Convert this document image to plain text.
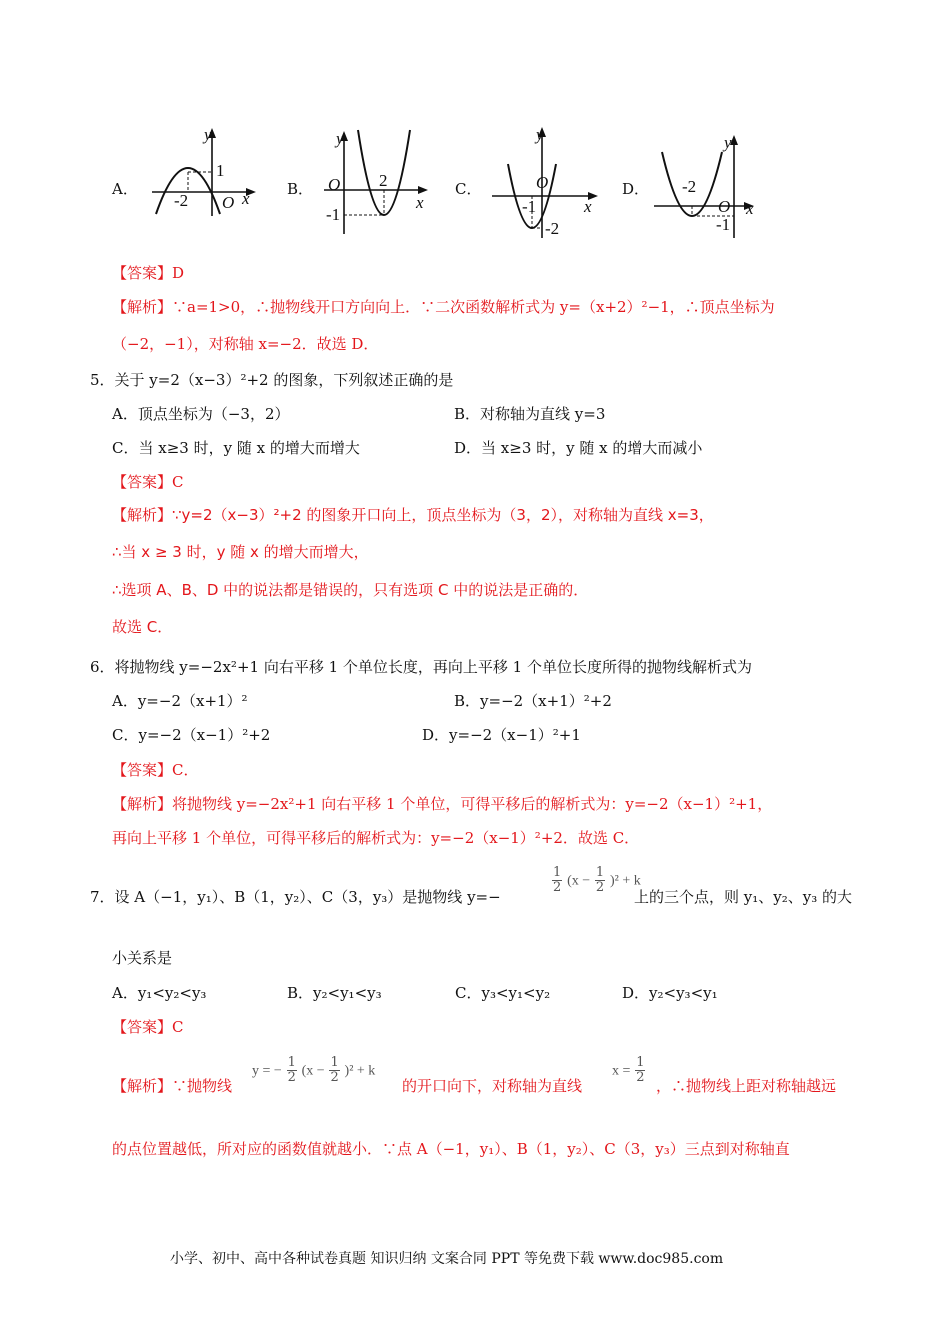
A．
y
x
O
1
-2
B．
y
x
O 2
-1
C．
y
x
O
-1
-2
D．
y
x
O
-2
-1
【答案】D
【解析】∵a=1>0，∴抛物线开口方向向上．∵二次函数解析式为 y=（x+2）²−1，∴顶点坐标为
（−2，−1），对称轴 x=−2．故选 D．
5．关于 y=2（x−3）²+2 的图象，下列叙述正确的是
A．顶点坐标为（−3，2）	B．对称轴为直线 y=3
C．当 x≥3 时，y 随 x 的增大而增大	D．当 x≥3 时，y 随 x 的增大而减小
【答案】C
【解析】∵y=2（x−3）²+2 的图象开口向上，顶点坐标为（3，2），对称轴为直线 x=3，
∴当 x ≥ 3 时，y 随 x 的增大而增大，
∴选项 A、B、D 中的说法都是错误的，只有选项 C 中的说法是正确的．
故选 C．
6．将抛物线 y=−2x²+1 向右平移 1 个单位长度，再向上平移 1 个单位长度所得的抛物线解析式为
A．y=−2（x+1）²	B．y=−2（x+1）²+2
C．y=−2（x−1）²+2	D．y=−2（x−1）²+1
【答案】C．
【解析】将抛物线 y=−2x²+1 向右平移 1 个单位，可得平移后的解析式为：y=−2（x−1）²+1，
再向上平移 1 个单位，可得平移后的解析式为：y=−2（x−1）²+2．故选 C．
7．设 A（−1，y₁）、B（1，y₂）、C（3，y₃）是抛物线 y=−
$\frac{1}{2} (x - \frac{1}{2} )^2 + k$
上的三个点，则 y₁、y₂、y₃ 的大
小关系是
A．y₁<y₂<y₃	B．y₂<y₁<y₃	C．y₃<y₁<y₂	D．y₂<y₃<y₁
【答案】C
【解析】∵抛物线
y = − $\frac{1}{2} (x - \frac{1}{2} )^2 + k$
的开口向下，对称轴为直线
$x = \frac{1}{2}$
，∴抛物线上距对称轴越远
的点位置越低，所对应的函数值就越小．∵点 A（−1，y₁）、B（1，y₂）、C（3，y₃）三点到对称轴直
小学、初中、高中各种试卷真题 知识归纳 文案合同 PPT 等免费下载 www.doc985.com
